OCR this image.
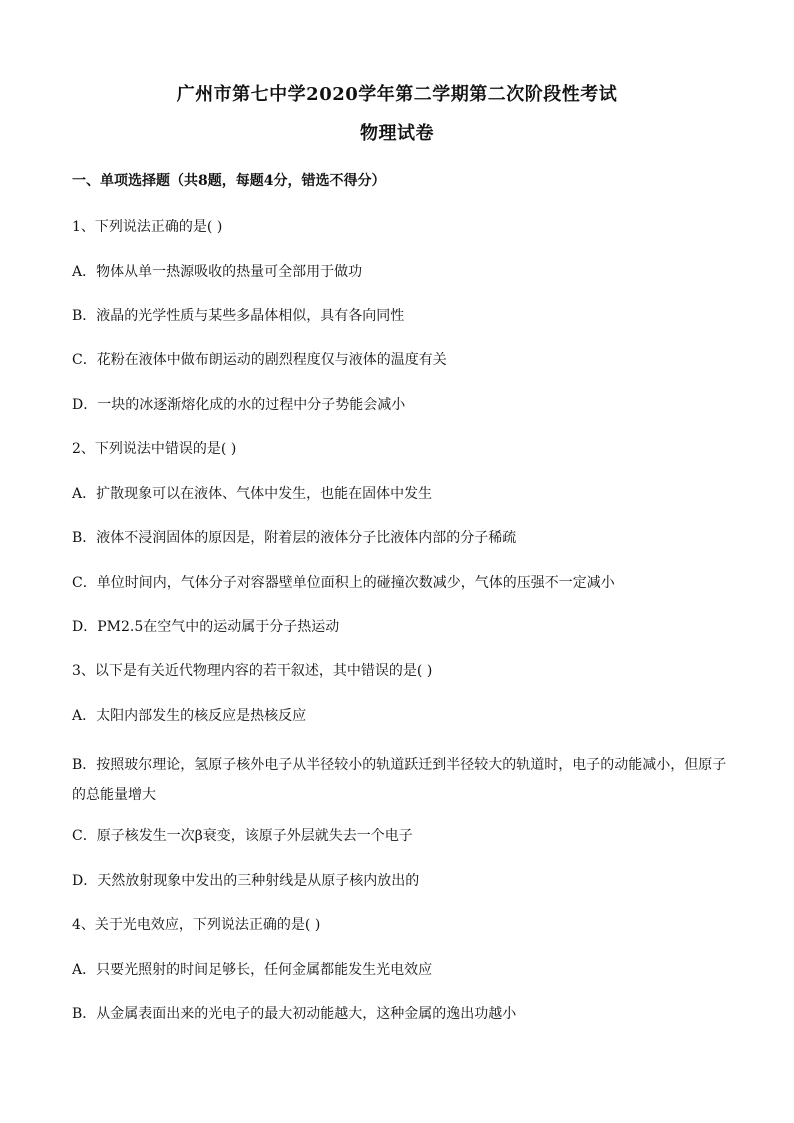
广州市第七中学2020学年第二学期第二次阶段性考试
物理试卷
一、单项选择题（共8题，每题4分，错选不得分）
1、下列说法正确的是( )
A．物体从单一热源吸收的热量可全部用于做功
B．液晶的光学性质与某些多晶体相似，具有各向同性
C．花粉在液体中做布朗运动的剧烈程度仅与液体的温度有关
D．一块的冰逐渐熔化成的水的过程中分子势能会减小
2、下列说法中错误的是( )
A．扩散现象可以在液体、气体中发生，也能在固体中发生
B．液体不浸润固体的原因是，附着层的液体分子比液体内部的分子稀疏
C．单位时间内，气体分子对容器壁单位面积上的碰撞次数减少，气体的压强不一定减小
D．PM2.5在空气中的运动属于分子热运动
3、以下是有关近代物理内容的若干叙述，其中错误的是( )
A．太阳内部发生的核反应是热核反应
B．按照玻尔理论，氢原子核外电子从半径较小的轨道跃迁到半径较大的轨道时，电子的动能减小，但原子的总能量增大
C．原子核发生一次β衰变，该原子外层就失去一个电子
D．天然放射现象中发出的三种射线是从原子核内放出的
4、关于光电效应，下列说法正确的是( )
A．只要光照射的时间足够长，任何金属都能发生光电效应
B．从金属表面出来的光电子的最大初动能越大，这种金属的逸出功越小
